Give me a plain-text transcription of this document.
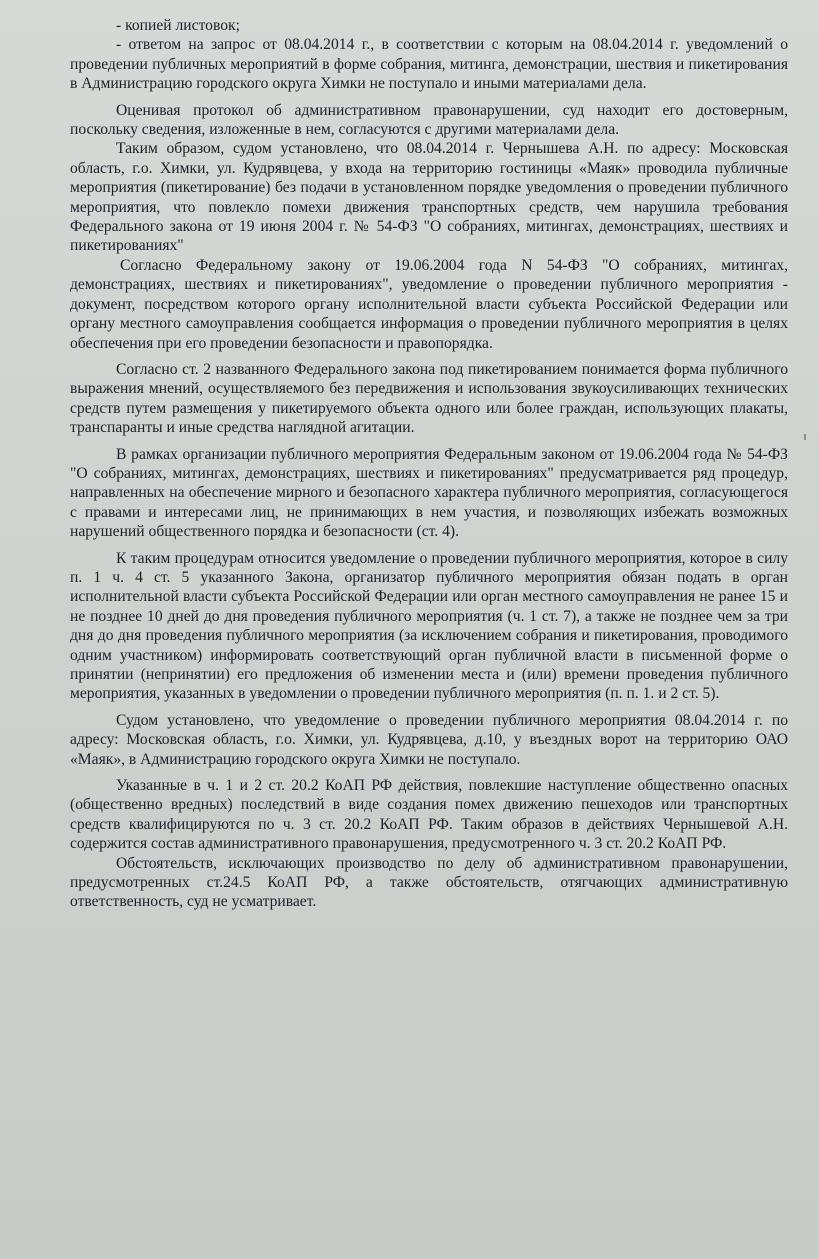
- копией листовок;

- ответом на запрос от 08.04.2014 г., в соответствии с которым на 08.04.2014 г. уведомлений о проведении публичных мероприятий в форме собрания, митинга, демонстрации, шествия и пикетирования в Администрацию городского округа Химки не поступало и иными материалами дела.

Оценивая протокол об административном правонарушении, суд находит его достоверным, поскольку сведения, изложенные в нем, согласуются с другими материалами дела.

Таким образом, судом установлено, что 08.04.2014 г. Чернышева А.Н. по адресу: Московская область, г.о. Химки, ул. Кудрявцева, у входа на территорию гостиницы «Маяк» проводила публичные мероприятия (пикетирование) без подачи в установленном порядке уведомления о проведении публичного мероприятия, что повлекло помехи движения транспортных средств, чем нарушила требования Федерального закона от 19 июня 2004 г. № 54-ФЗ "О собраниях, митингах, демонстрациях, шествиях и пикетированиях"

Согласно Федеральному закону от 19.06.2004 года N 54-ФЗ "О собраниях, митингах, демонстрациях, шествиях и пикетированиях", уведомление о проведении публичного мероприятия - документ, посредством которого органу исполнительной власти субъекта Российской Федерации или органу местного самоуправления сообщается информация о проведении публичного мероприятия в целях обеспечения при его проведении безопасности и правопорядка.

Согласно ст. 2 названного Федерального закона под пикетированием понимается форма публичного выражения мнений, осуществляемого без передвижения и использования звукоусиливающих технических средств путем размещения у пикетируемого объекта одного или более граждан, использующих плакаты, транспаранты и иные средства наглядной агитации.

В рамках организации публичного мероприятия Федеральным законом от 19.06.2004 года № 54-ФЗ "О собраниях, митингах, демонстрациях, шествиях и пикетированиях" предусматривается ряд процедур, направленных на обеспечение мирного и безопасного характера публичного мероприятия, согласующегося с правами и интересами лиц, не принимающих в нем участия, и позволяющих избежать возможных нарушений общественного порядка и безопасности (ст. 4).

К таким процедурам относится уведомление о проведении публичного мероприятия, которое в силу п. 1 ч. 4 ст. 5 указанного Закона, организатор публичного мероприятия обязан подать в орган исполнительной власти субъекта Российской Федерации или орган местного самоуправления не ранее 15 и не позднее 10 дней до дня проведения публичного мероприятия (ч. 1 ст. 7), а также не позднее чем за три дня до дня проведения публичного мероприятия (за исключением собрания и пикетирования, проводимого одним участником) информировать соответствующий орган публичной власти в письменной форме о принятии (непринятии) его предложения об изменении места и (или) времени проведения публичного мероприятия, указанных в уведомлении о проведении публичного мероприятия (п. п. 1. и 2 ст. 5).

Судом установлено, что уведомление о проведении публичного мероприятия 08.04.2014 г. по адресу: Московская область, г.о. Химки, ул. Кудрявцева, д.10, у въездных ворот на территорию ОАО «Маяк», в Администрацию городского округа Химки не поступало.

Указанные в ч. 1 и 2 ст. 20.2 КоАП РФ действия, повлекшие наступление общественно опасных (общественно вредных) последствий в виде создания помех движению пешеходов или транспортных средств квалифицируются по ч. 3 ст. 20.2 КоАП РФ. Таким образов в действиях Чернышевой А.Н. содержится состав административного правонарушения, предусмотренного ч. 3 ст. 20.2 КоАП РФ.

Обстоятельств, исключающих производство по делу об административном правонарушении, предусмотренных ст.24.5 КоАП РФ, а также обстоятельств, отягчающих административную ответственность, суд не усматривает.
